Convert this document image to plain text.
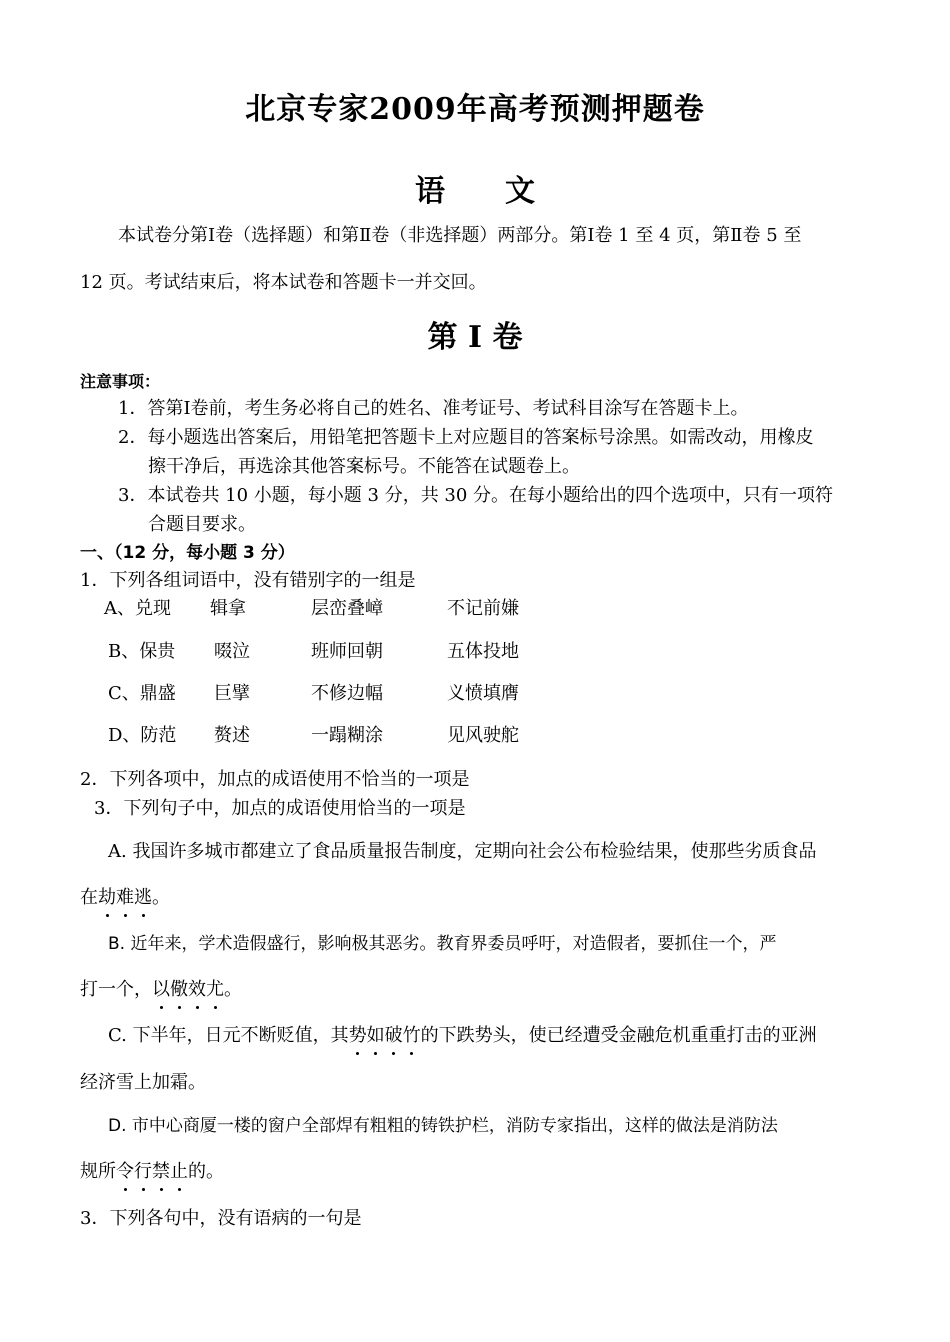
北京专家2009年高考预测押题卷
语　　文
本试卷分第Ⅰ卷（选择题）和第Ⅱ卷（非选择题）两部分。第Ⅰ卷 1 至 4 页，第Ⅱ卷 5 至
12 页。考试结束后，将本试卷和答题卡一并交回。
第 I 卷
注意事项：
1．答第Ⅰ卷前，考生务必将自己的姓名、准考证号、考试科目涂写在答题卡上。
2．每小题选出答案后，用铅笔把答题卡上对应题目的答案标号涂黑。如需改动，用橡皮
擦干净后，再选涂其他答案标号。不能答在试题卷上。
3．本试卷共 10 小题，每小题 3 分，共 30 分。在每小题给出的四个选项中，只有一项符
合题目要求。
一、（12 分，每小题 3 分）
1．下列各组词语中，没有错别字的一组是
A、兑现 辑拿	层峦叠嶂	不记前嫌
B、保贵 啜泣	班师回朝	五体投地
C、鼎盛 巨擘	不修边幅	义愤填膺
D、防范 赘述	一蹋糊涂	见风驶舵
2．下列各项中，加点的成语使用不恰当的一项是
3．下列句子中，加点的成语使用恰当的一项是
A. 我国许多城市都建立了食品质量报告制度，定期向社会公布检验结果，使那些劣质食品
在劫难逃。
B. 近年来，学术造假盛行，影响极其恶劣。教育界委员呼吁，对造假者，要抓住一个，严
打一个，以儆效尤。
C. 下半年，日元不断贬值，其势如破竹的下跌势头，使已经遭受金融危机重重打击的亚洲
经济雪上加霜。
D. 市中心商厦一楼的窗户全部焊有粗粗的铸铁护栏，消防专家指出，这样的做法是消防法
规所令行禁止的。
3．下列各句中，没有语病的一句是
